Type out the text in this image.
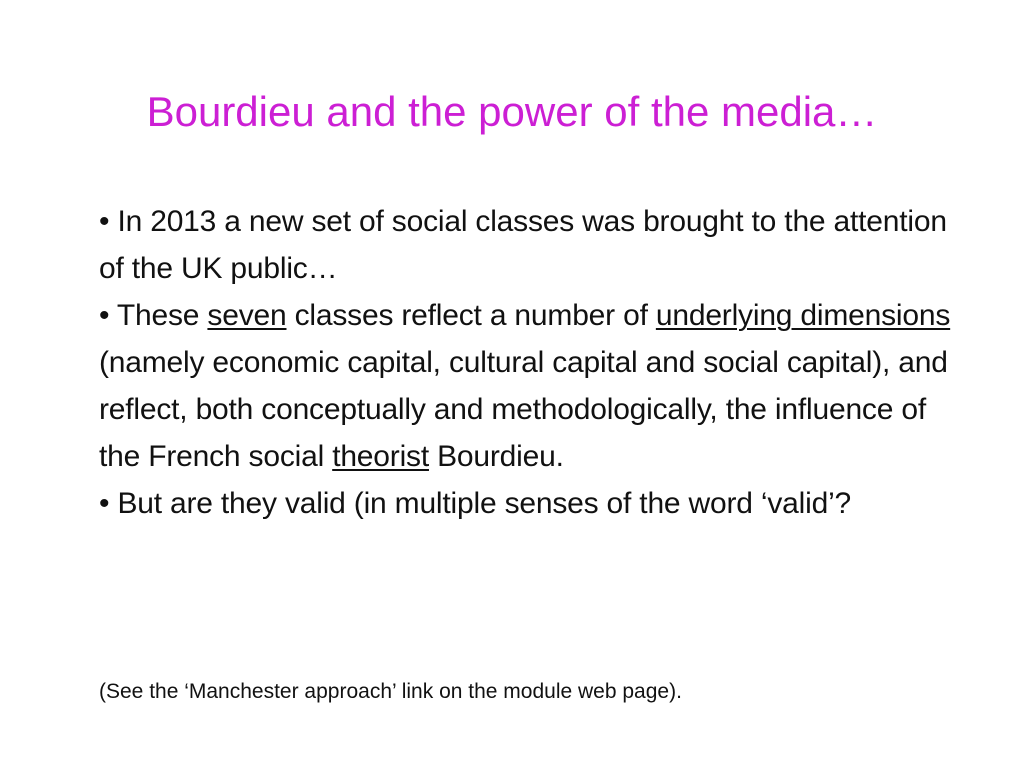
Bourdieu and the power of the media…

• In 2013 a new set of social classes was brought to the attention of the UK public…

• These seven classes reflect a number of underlying dimensions (namely economic capital, cultural capital and social capital), and reflect, both conceptually and methodologically, the influence of the French social theorist Bourdieu.

• But are they valid (in multiple senses of the word ‘valid’?

(See the ‘Manchester approach’ link on the module web page).
